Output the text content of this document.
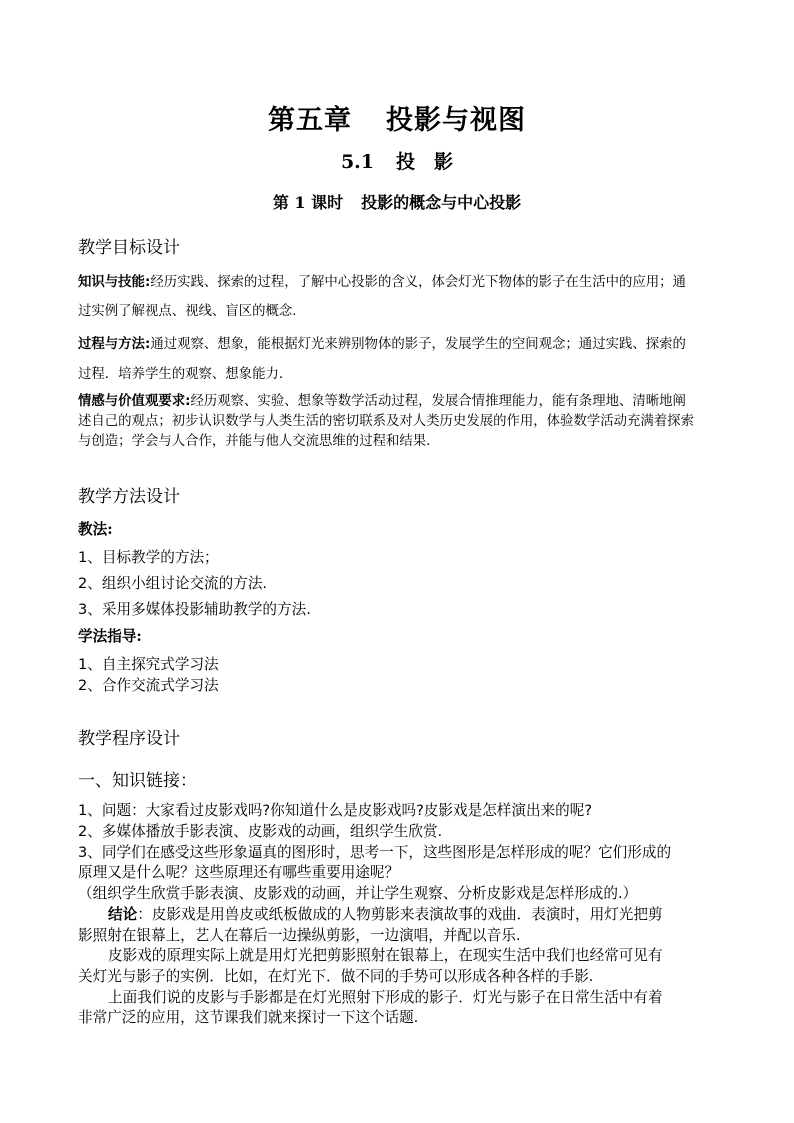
第五章 投影与视图
5.1 投　影
第 1 课时 投影的概念与中心投影
教学目标设计
知识与技能:经历实践、探索的过程，了解中心投影的含义，体会灯光下物体的影子在生活中的应用；通
过实例了解视点、视线、盲区的概念.
过程与方法:通过观察、想象，能根据灯光来辨别物体的影子，发展学生的空间观念；通过实践、探索的
过程．培养学生的观察、想象能力．
情感与价值观要求:经历观察、实验、想象等数学活动过程，发展合情推理能力，能有条理地、清晰地阐
述自己的观点；初步认识数学与人类生活的密切联系及对人类历史发展的作用，体验数学活动充满着探索
与创造；学会与人合作，并能与他人交流思维的过程和结果．
教学方法设计
教法:
1、目标教学的方法；
2、组织小组讨论交流的方法.
3、采用多媒体投影辅助教学的方法.
学法指导:
1、自主探究式学习法
2、合作交流式学习法
教学程序设计
一、知识链接：
1、问题：大家看过皮影戏吗?你知道什么是皮影戏吗?皮影戏是怎样演出来的呢?
2、多媒体播放手影表演、皮影戏的动画，组织学生欣赏.
3、同学们在感受这些形象逼真的图形时，思考一下，这些图形是怎样形成的呢？它们形成的
原理又是什么呢？这些原理还有哪些重要用途呢？
（组织学生欣赏手影表演、皮影戏的动画，并让学生观察、分析皮影戏是怎样形成的.）
结论：皮影戏是用兽皮或纸板做成的人物剪影来表演故事的戏曲．表演时，用灯光把剪
影照射在银幕上，艺人在幕后一边操纵剪影，一边演唱，并配以音乐.
皮影戏的原理实际上就是用灯光把剪影照射在银幕上，在现实生活中我们也经常可见有
关灯光与影子的实例．比如，在灯光下．做不同的手势可以形成各种各样的手影.
上面我们说的皮影与手影都是在灯光照射下形成的影子．灯光与影子在日常生活中有着
非常广泛的应用，这节课我们就来探讨一下这个话题.
